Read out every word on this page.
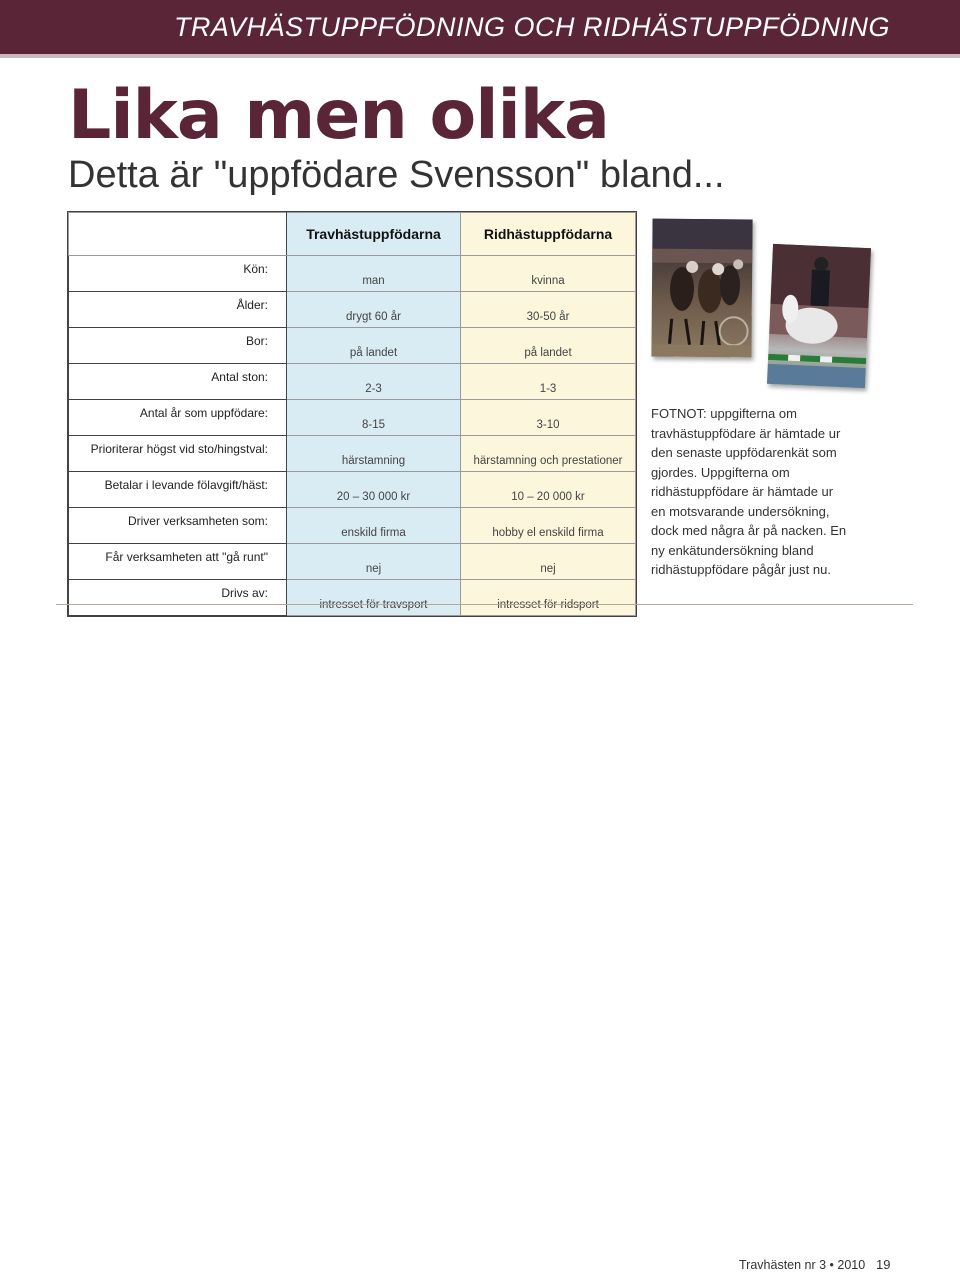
TRAVHÄSTUPPFÖDNING OCH RIDHÄSTUPPFÖDNING
Lika men olika
Detta är "uppfödare Svensson" bland...
	Travhästuppfödarna	Ridhästuppfödarna
Kön:	man	kvinna
Ålder:	drygt 60 år	30-50 år
Bor:	på landet	på landet
Antal ston:	2-3	1-3
Antal år som uppfödare:	8-15	3-10
Prioriterar högst vid sto/hingstval:	härstamning	härstamning och prestationer
Betalar i levande fölavgift/häst:	20 – 30 000 kr	10 – 20 000 kr
Driver verksamheten som:	enskild firma	hobby el enskild firma
Får verksamheten att "gå runt"	nej	nej
Drivs av:	intresset för travsport	intresset för ridsport
FOTNOT: uppgifterna om travhästuppfödare är hämtade ur den senaste uppfödarenkät som gjordes. Uppgifterna om ridhästuppfödare är hämtade ur en motsvarande undersökning, dock med några år på nacken. En ny enkätundersökning bland ridhästuppfödare pågår just nu.
Travhästen nr 3 • 2010 19
